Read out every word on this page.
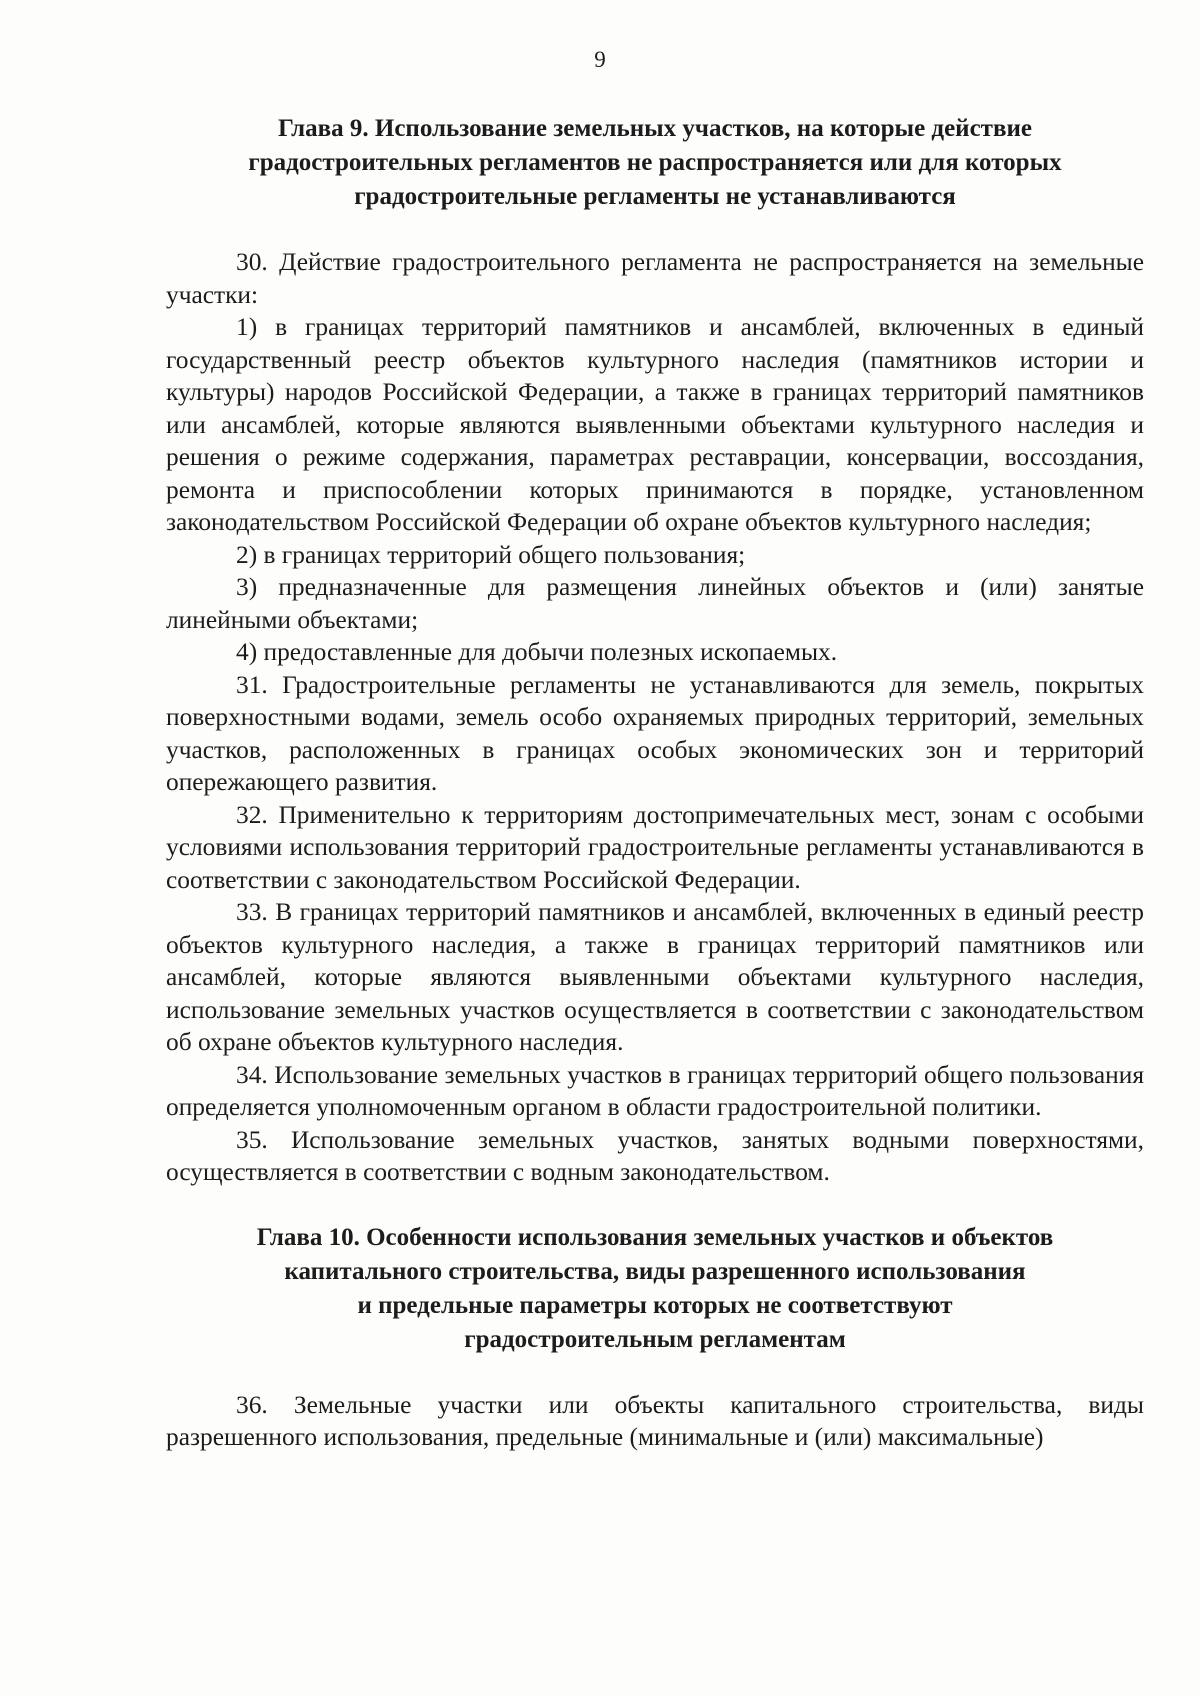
9
Глава 9. Использование земельных участков, на которые действие
градостроительных регламентов не распространяется или для которых
градостроительные регламенты не устанавливаются

30. Действие градостроительного регламента не распространяется на земельные участки:

1) в границах территорий памятников и ансамблей, включенных в единый государственный реестр объектов культурного наследия (памятников истории и культуры) народов Российской Федерации, а также в границах территорий памятников или ансамблей, которые являются выявленными объектами культурного наследия и решения о режиме содержания, параметрах реставрации, консервации, воссоздания, ремонта и приспособлении которых принимаются в порядке, установленном законодательством Российской Федерации об охране объектов культурного наследия;

2) в границах территорий общего пользования;

3) предназначенные для размещения линейных объектов и (или) занятые линейными объектами;

4) предоставленные для добычи полезных ископаемых.

31. Градостроительные регламенты не устанавливаются для земель, покрытых поверхностными водами, земель особо охраняемых природных территорий, земельных участков, расположенных в границах особых экономических зон и территорий опережающего развития.

32. Применительно к территориям достопримечательных мест, зонам с особыми условиями использования территорий градостроительные регламенты устанавливаются в соответствии с законодательством Российской Федерации.

33. В границах территорий памятников и ансамблей, включенных в единый реестр объектов культурного наследия, а также в границах территорий памятников или ансамблей, которые являются выявленными объектами культурного наследия, использование земельных участков осуществляется в соответствии с законодательством об охране объектов культурного наследия.

34. Использование земельных участков в границах территорий общего пользования определяется уполномоченным органом в области градостроительной политики.

35. Использование земельных участков, занятых водными поверхностями, осуществляется в соответствии с водным законодательством.

Глава 10. Особенности использования земельных участков и объектов
капитального строительства, виды разрешенного использования
и предельные параметры которых не соответствуют
градостроительным регламентам

36. Земельные участки или объекты капитального строительства, виды разрешенного использования, предельные (минимальные и (или) максимальные)
